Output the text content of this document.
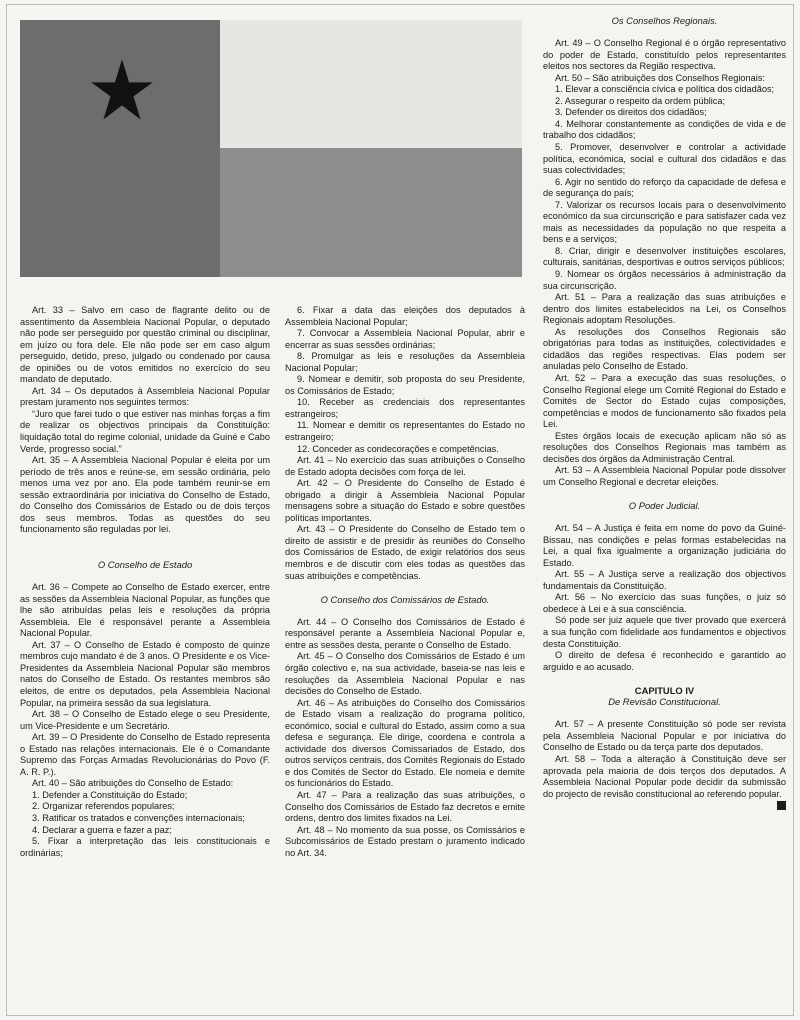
Art. 33 – Salvo em caso de flagrante delito ou de assentimento da Assembleia Nacional Popular, o deputado não pode ser perseguido por questão criminal ou disciplinar, em juízo ou fora dele. Ele não pode ser em caso algum perseguido, detido, preso, julgado ou condenado por causa de opiniões ou de votos emitidos no exercício do seu mandato de deputado.

Art. 34 – Os deputados à Assembleia Nacional Popular prestam juramento nos seguintes termos:

“Juro que farei tudo o que estiver nas minhas forças a fim de realizar os objectivos principais da Constituição: liquidação total do regime colonial, unidade da Guiné e Cabo Verde, progresso social.”

Art. 35 – A Assembleia Nacional Popular é eleita por um período de três anos e reúne-se, em sessão ordinária, pelo menos uma vez por ano. Ela pode também reunir-se em sessão extraordinária por iniciativa do Conselho de Estado, do Conselho dos Comissários de Estado ou de dois terços dos seus membros. Todas as questões do seu funcionamento são reguladas por lei.

O Conselho de Estado

Art. 36 – Compete ao Conselho de Estado exercer, entre as sessões da Assembleia Nacional Popular, as funções que lhe são atribuídas pelas leis e resoluções da própria Assembleia. Ele é responsável perante a Assembleia Nacional Popular.

Art. 37 – O Conselho de Estado é composto de quinze membros cujo mandato é de 3 anos. O Presidente e os Vice-Presidentes da Assembleia Nacional Popular são membros natos do Conselho de Estado. Os restantes membros são eleitos, de entre os deputados, pela Assembleia Nacional Popular, na primeira sessão da sua legislatura.

Art. 38 – O Conselho de Estado elege o seu Presidente, um Vice-Presidente e um Secretário.

Art. 39 – O Presidente do Conselho de Estado representa o Estado nas relações internacionais. Ele é o Comandante Supremo das Forças Armadas Revolucionárias do Povo (F. A. R. P.).

Art. 40 – São atribuições do Conselho de Estado:

1. Defender a Constituição do Estado;

2. Organizar referendos populares;

3. Ratificar os tratados e convenções internacionais;

4. Declarar a guerra e fazer a paz;

5. Fixar a interpretação das leis constitucionais e ordinárias;

6. Fixar a data das eleições dos deputados à Assembleia Nacional Popular;

7. Convocar a Assembleia Nacional Popular, abrir e encerrar as suas sessões ordinárias;

8. Promulgar as leis e resoluções da Assembleia Nacional Popular;

9. Nomear e demitir, sob proposta do seu Presidente, os Comissários de Estado;

10. Receber as credenciais dos representantes estrangeiros;

11. Nomear e demitir os representantes do Estado no estrangeiro;

12. Conceder as condecorações e competências.

Art. 41 – No exercício das suas atribuições o Conselho de Estado adopta decisões com força de lei.

Art. 42 – O Presidente do Conselho de Estado é obrigado a dirigir à Assembleia Nacional Popular mensagens sobre a situação do Estado e sobre questões políticas importantes.

Art. 43 – O Presidente do Conselho de Estado tem o direito de assistir e de presidir às reuniões do Conselho dos Comissários de Estado, de exigir relatórios dos seus membros e de discutir com eles todas as questões das suas atribuições e competências.

O Conselho dos Comissários de Estado.

Art. 44 – O Conselho dos Comissários de Estado é responsável perante a Assembleia Nacional Popular e, entre as sessões desta, perante o Conselho de Estado.

Art. 45 – O Conselho dos Comissários de Estado é um órgão colectivo e, na sua actividade, baseia-se nas leis e resoluções da Assembleia Nacional Popular e nas decisões do Conselho de Estado.

Art. 46 – As atribuições do Conselho dos Comissários de Estado visam a realização do programa político, económico, social e cultural do Estado, assim como a sua defesa e segurança. Ele dirige, coordena e controla a actividade dos diversos Comissariados de Estado, dos outros serviços centrais, dos Comités Regionais do Estado e dos Comités de Sector do Estado. Ele nomeia e demite os funcionários do Estado.

Art. 47 – Para a realização das suas atribuições, o Conselho dos Comissários de Estado faz decretos e emite ordens, dentro dos limites fixados na Lei.

Art. 48 – No momento da sua posse, os Comissários e Subcomissários de Estado prestam o juramento indicado no Art. 34.

Os Conselhos Regionais.

Art. 49 – O Conselho Regional é o órgão representativo do poder de Estado, constituído pelos representantes eleitos nos sectores da Região respectiva.

Art. 50 – São atribuições dos Conselhos Regionais:

1. Elevar a consciência cívica e política dos cidadãos;

2. Assegurar o respeito da ordem pública;

3. Defender os direitos dos cidadãos;

4. Melhorar constantemente as condições de vida e de trabalho dos cidadãos;

5. Promover, desenvolver e controlar a actividade política, económica, social e cultural dos cidadãos e das suas colectividades;

6. Agir no sentido do reforço da capacidade de defesa e de segurança do país;

7. Valorizar os recursos locais para o desenvolvimento económico da sua circunscrição e para satisfazer cada vez mais as necessidades da população no que respeita a bens e a serviços;

8. Criar, dirigir e desenvolver instituições escolares, culturais, sanitárias, desportivas e outros serviços públicos;

9. Nomear os órgãos necessários à administração da sua circunscrição.

Art. 51 – Para a realização das suas atribuições e dentro dos limites estabelecidos na Lei, os Conselhos Regionais adoptam Resoluções.

As resoluções dos Conselhos Regionais são obrigatórias para todas as instituições, colectividades e cidadãos das regiões respectivas. Elas podem ser anuladas pelo Conselho de Estado.

Art. 52 – Para a execução das suas resoluções, o Conselho Regional elege um Comité Regional do Estado e Comités de Sector do Estado cujas composições, competências e modos de funcionamento são fixados pela Lei.

Estes órgãos locais de execução aplicam não só as resoluções dos Conselhos Regionais mas também as decisões dos órgãos da Administração Central.

Art. 53 – A Assembleia Nacional Popular pode dissolver um Conselho Regional e decretar eleições.

O Poder Judicial.

Art. 54 – A Justiça é feita em nome do povo da Guiné-Bissau, nas condições e pelas formas estabelecidas na Lei, a qual fixa igualmente a organização judiciária do Estado.

Art. 55 – A Justiça serve a realização dos objectivos fundamentais da Constituição.

Art. 56 – No exercício das suas funções, o juiz só obedece à Lei e à sua consciência.

Só pode ser juiz aquele que tiver provado que exercerá a sua função com fidelidade aos fundamentos e objectivos desta Constituição.

O direito de defesa é reconhecido e garantido ao arguido e ao acusado.

CAPITULO IV
De Revisão Constitucional.

Art. 57 – A presente Constituição só pode ser revista pela Assembleia Nacional Popular e por iniciativa do Conselho de Estado ou da terça parte dos deputados.

Art. 58 – Toda a alteração à Constituição deve ser aprovada pela maioria de dois terços dos deputados. A Assembleia Nacional Popular pode decidir da submissão do projecto de revisão constitucional ao referendo popular.
